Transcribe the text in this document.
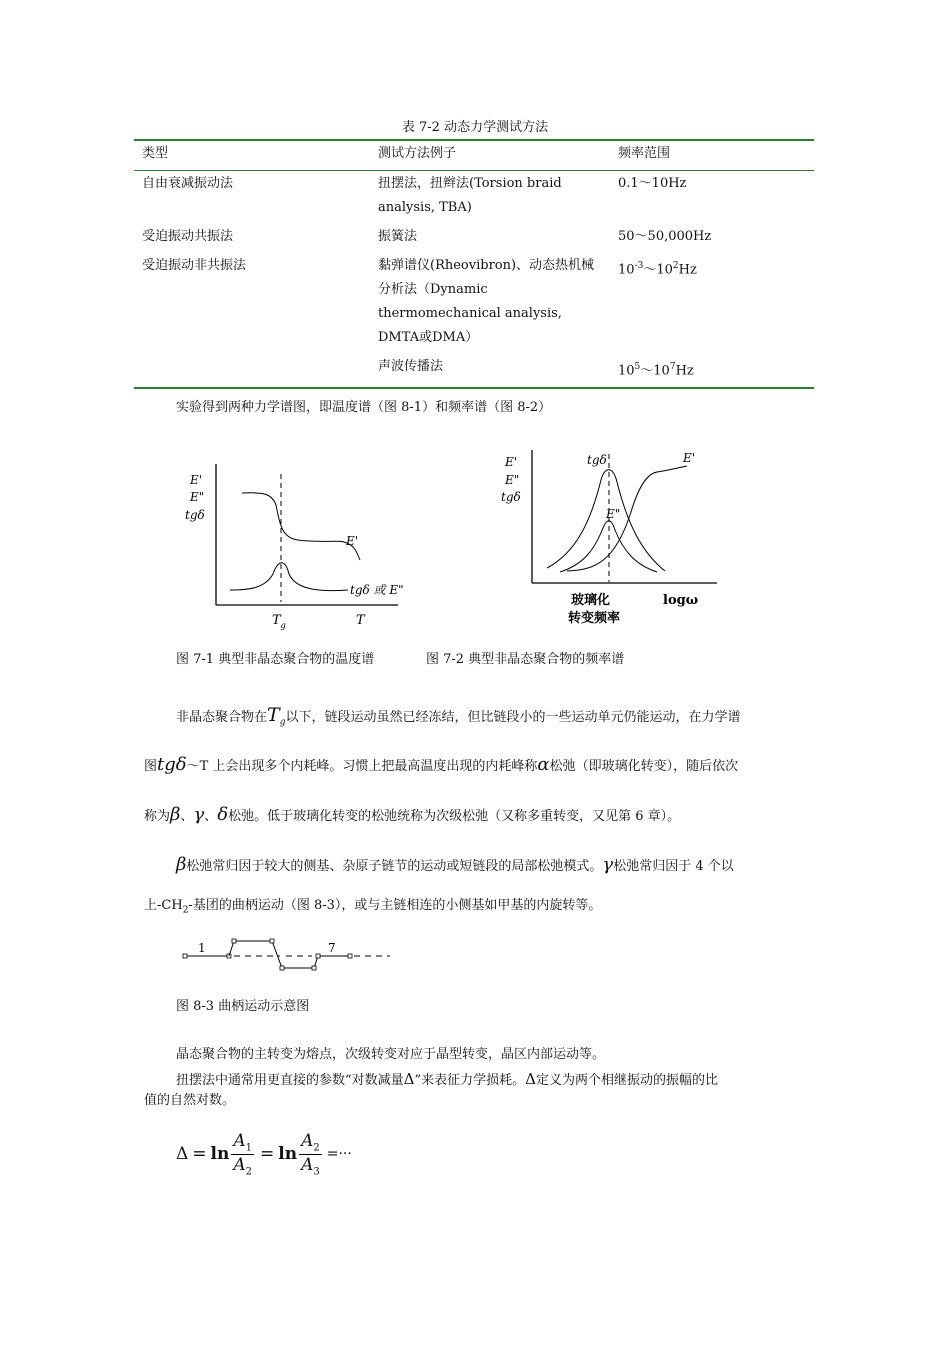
表 7-2 动态力学测试方法
类型	测试方法例子	频率范围
自由衰减振动法	扭摆法，扭辫法(Torsion braid analysis, TBA)	0.1～10Hz
受迫振动共振法	振簧法	50～50,000Hz
受迫振动非共振法	黏弹谱仪(Rheovibron)、动态热机械分析法（Dynamic thermomechanical analysis, DMTA或DMA）	$10^{-3}\sim 10^2Hz$
	声波传播法	$10^5\sim 10^7Hz$
实验得到两种力学谱图，即温度谱（图 8-1）和频率谱（图 8-2）
E'
E"
tgδ
E'
tgδ 或 E"
$T_g$	T
E'
E"
tgδ
tgδ
E"
E'
玻璃化
转变频率
logω
图 7-1 典型非晶态聚合物的温度谱	图 7-2 典型非晶态聚合物的频率谱
非晶态聚合物在$T_g$以下，链段运动虽然已经冻结，但比链段小的一些运动单元仍能运动，在力学谱
图tgδ～T 上会出现多个内耗峰。习惯上把最高温度出现的内耗峰称α松弛（即玻璃化转变），随后依次
称为β、γ、δ松弛。低于玻璃化转变的松弛统称为次级松弛（又称多重转变，又见第 6 章）。
β松弛常归因于较大的侧基、杂原子链节的运动或短链段的局部松弛模式。γ松弛常归因于 4 个以
上$-CH_2-$基团的曲柄运动（图 8-3），或与主链相连的小侧基如甲基的内旋转等。
1	7
图 8-3 曲柄运动示意图
晶态聚合物的主转变为熔点，次级转变对应于晶型转变，晶区内部运动等。
扭摆法中通常用更直接的参数“对数减量Δ”来表征力学损耗。Δ定义为两个相继振动的振幅的比
值的自然对数。
$\Delta = \ln \frac{A_1}{A_2} = \ln \frac{A_2}{A_3}$ =···
